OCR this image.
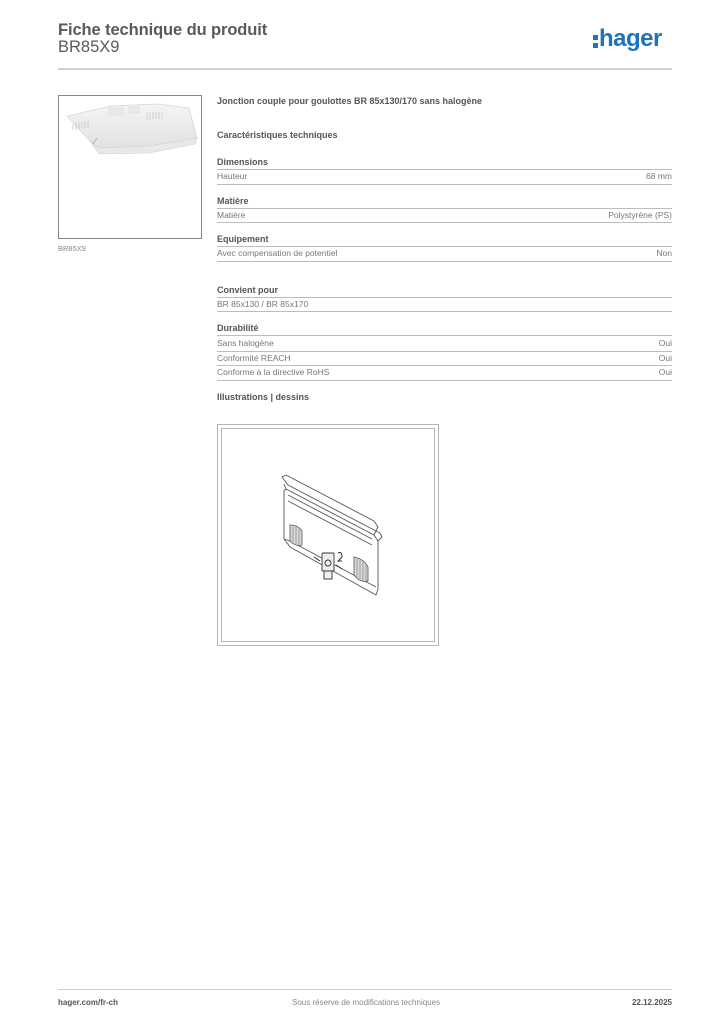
Fiche technique du produit
BR85X9	hager
BR85X9
Jonction couple pour goulottes BR 85x130/170 sans halogène
Caractéristiques techniques
Dimensions
Hauteur	68 mm
Matière
Matière	Polystyrène (PS)
Equipement
Avec compensation de potentiel	Non
Convient pour
BR 85x130 / BR 85x170
Durabilité
Sans halogène	Oui
Conformité REACH	Oui
Conforme à la directive RoHS	Oui
Illustrations | dessins
hager.com/fr-ch	Sous réserve de modifications techniques	22.12.2025
